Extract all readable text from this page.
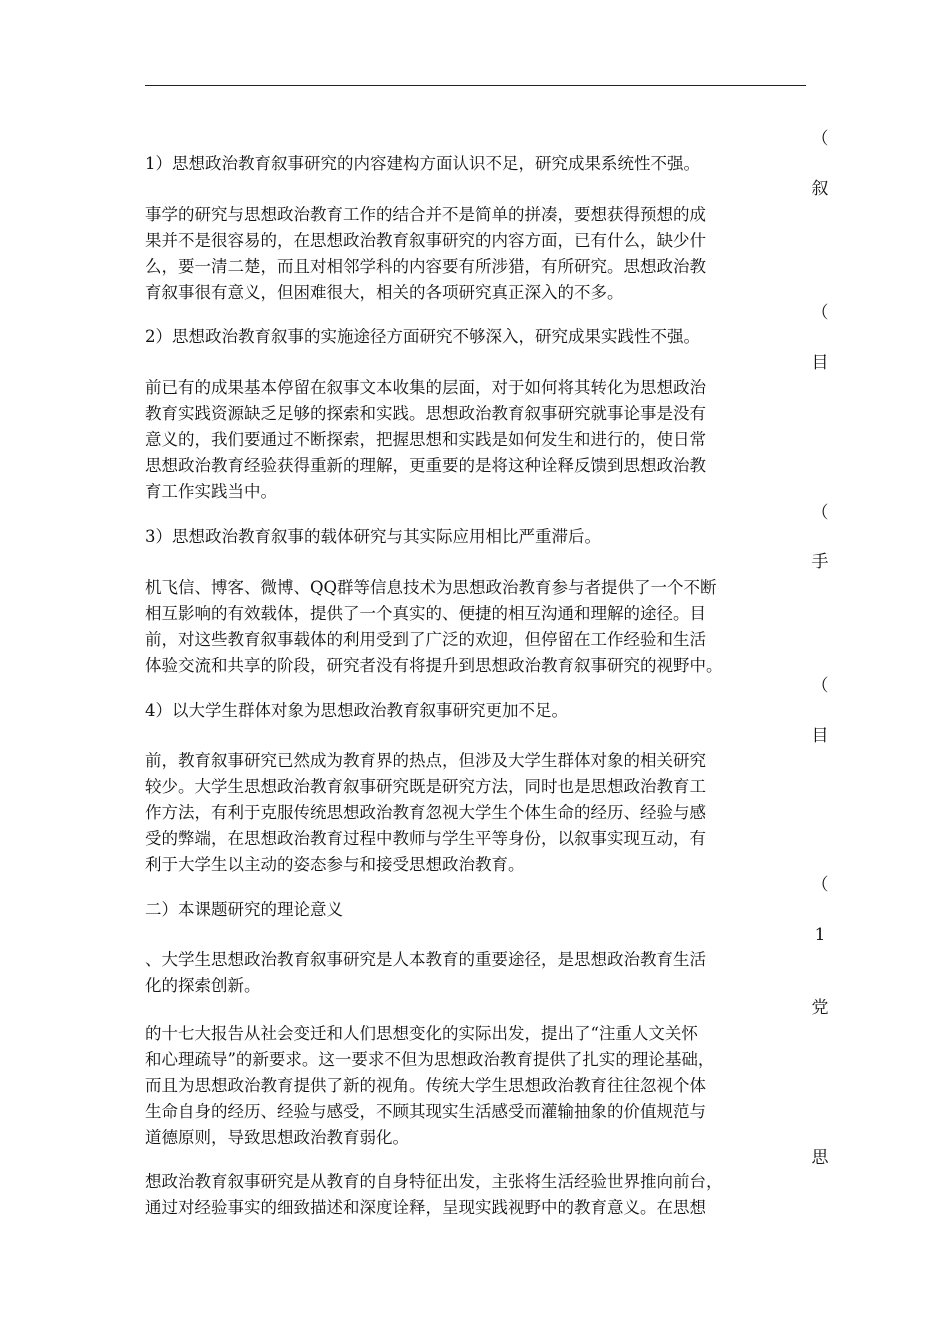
（
1）思想政治教育叙事研究的内容建构方面认识不足，研究成果系统性不强。
叙
事学的研究与思想政治教育工作的结合并不是简单的拼凑，要想获得预想的成
果并不是很容易的，在思想政治教育叙事研究的内容方面，已有什么，缺少什
么，要一清二楚，而且对相邻学科的内容要有所涉猎，有所研究。思想政治教
育叙事很有意义，但困难很大，相关的各项研究真正深入的不多。
（
2）思想政治教育叙事的实施途径方面研究不够深入，研究成果实践性不强。
目
前已有的成果基本停留在叙事文本收集的层面，对于如何将其转化为思想政治
教育实践资源缺乏足够的探索和实践。思想政治教育叙事研究就事论事是没有
意义的，我们要通过不断探索，把握思想和实践是如何发生和进行的，使日常
思想政治教育经验获得重新的理解，更重要的是将这种诠释反馈到思想政治教
育工作实践当中。
（
3）思想政治教育叙事的载体研究与其实际应用相比严重滞后。
手
机飞信、博客、微博、QQ群等信息技术为思想政治教育参与者提供了一个不断
相互影响的有效载体，提供了一个真实的、便捷的相互沟通和理解的途径。目
前，对这些教育叙事载体的利用受到了广泛的欢迎，但停留在工作经验和生活
体验交流和共享的阶段，研究者没有将提升到思想政治教育叙事研究的视野中。
（
4）以大学生群体对象为思想政治教育叙事研究更加不足。
目
前，教育叙事研究已然成为教育界的热点，但涉及大学生群体对象的相关研究
较少。大学生思想政治教育叙事研究既是研究方法，同时也是思想政治教育工
作方法，有利于克服传统思想政治教育忽视大学生个体生命的经历、经验与感
受的弊端，在思想政治教育过程中教师与学生平等身份，以叙事实现互动，有
利于大学生以主动的姿态参与和接受思想政治教育。
（
二）本课题研究的理论意义
1
、大学生思想政治教育叙事研究是人本教育的重要途径，是思想政治教育生活
化的探索创新。
党
的十七大报告从社会变迁和人们思想变化的实际出发，提出了“注重人文关怀
和心理疏导”的新要求。这一要求不但为思想政治教育提供了扎实的理论基础，
而且为思想政治教育提供了新的视角。传统大学生思想政治教育往往忽视个体
生命自身的经历、经验与感受，不顾其现实生活感受而灌输抽象的价值规范与
道德原则，导致思想政治教育弱化。
思
想政治教育叙事研究是从教育的自身特征出发，主张将生活经验世界推向前台，
通过对经验事实的细致描述和深度诠释，呈现实践视野中的教育意义。在思想
